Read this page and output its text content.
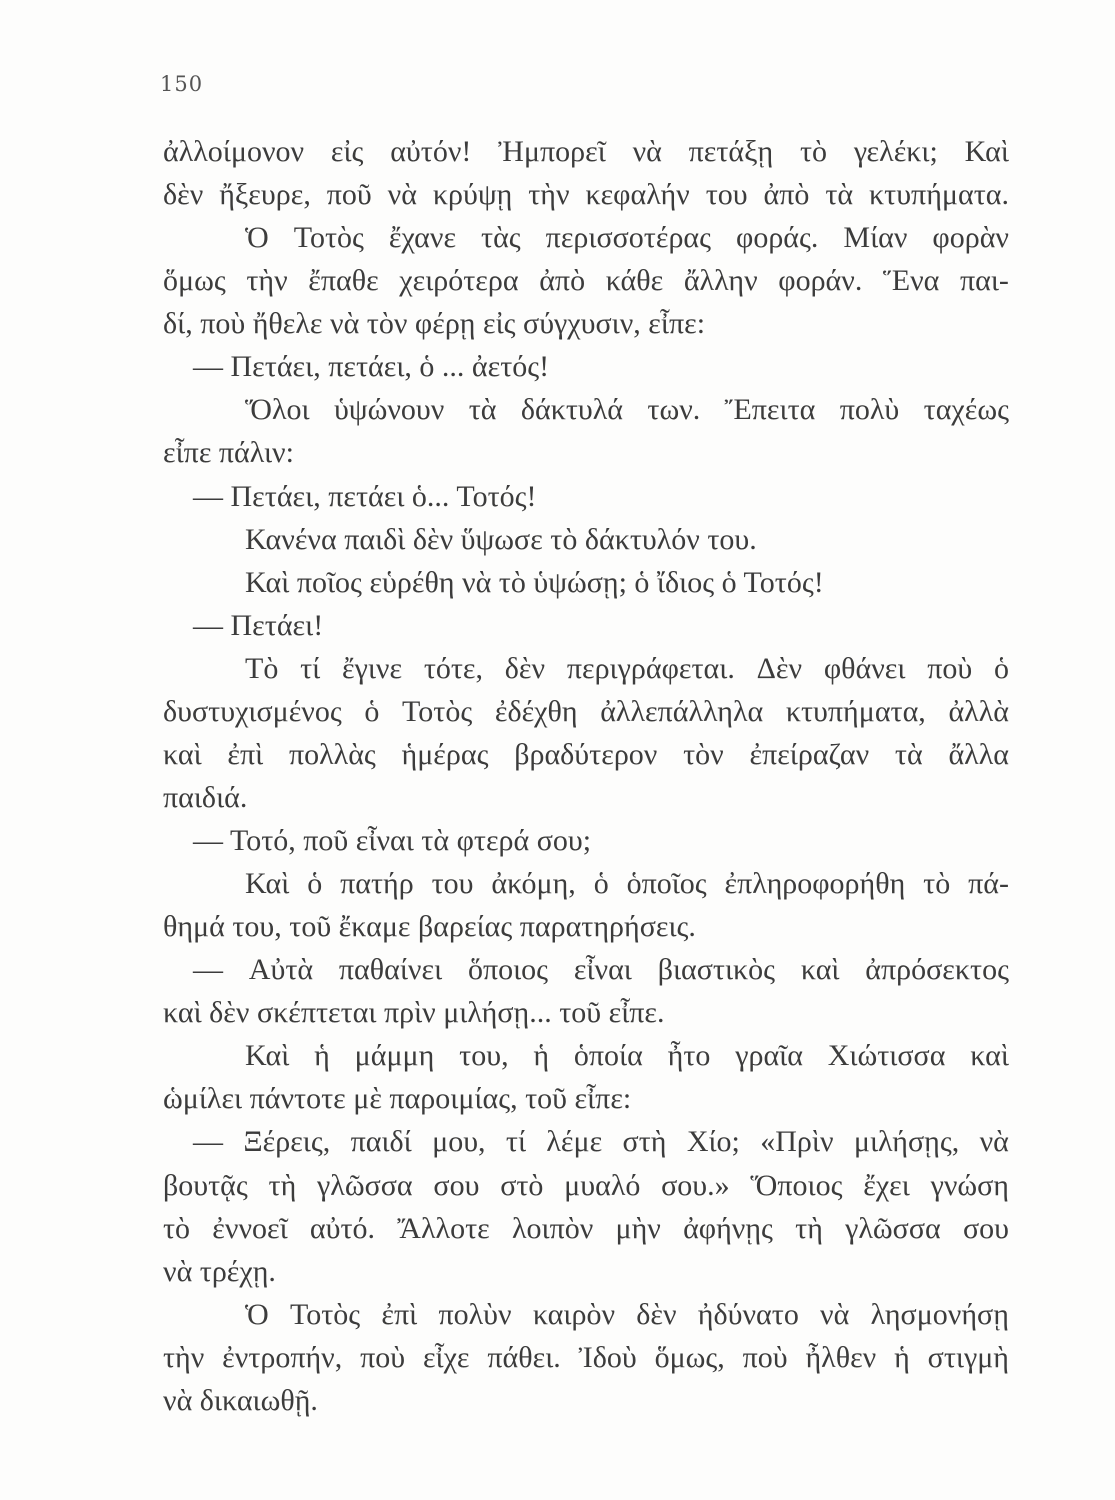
150
ἀλλοίμονον εἰς αὐτόν! Ἠμπορεῖ νὰ πετάξῃ τὸ γελέκι; Καὶ
δὲν ἤξευρε, ποῦ νὰ κρύψῃ τὴν κεφαλήν του ἀπὸ τὰ κτυπήματα.
Ὁ Τοτὸς ἔχανε τὰς περισσοτέρας φοράς. Μίαν φορὰν
ὅμως τὴν ἔπαθε χειρότερα ἀπὸ κάθε ἄλλην φοράν. Ἕνα παι-
δί, ποὺ ἤθελε νὰ τὸν φέρῃ εἰς σύγχυσιν, εἶπε:
— Πετάει, πετάει, ὁ ... ἀετός!
Ὅλοι ὑψώνουν τὰ δάκτυλά των. Ἔπειτα πολὺ ταχέως
εἶπε πάλιν:
— Πετάει, πετάει ὁ... Τοτός!
Κανένα παιδὶ δὲν ὕψωσε τὸ δάκτυλόν του.
Καὶ ποῖος εὑρέθη νὰ τὸ ὑψώσῃ; ὁ ἴδιος ὁ Τοτός!
— Πετάει!
Τὸ τί ἔγινε τότε, δὲν περιγράφεται. Δὲν φθάνει ποὺ ὁ
δυστυχισμένος ὁ Τοτὸς ἐδέχθη ἀλλεπάλληλα κτυπήματα, ἀλλὰ
καὶ ἐπὶ πολλὰς ἡμέρας βραδύτερον τὸν ἐπείραζαν τὰ ἄλλα
παιδιά.
— Τοτό, ποῦ εἶναι τὰ φτερά σου;
Καὶ ὁ πατήρ του ἀκόμη, ὁ ὁποῖος ἐπληροφορήθη τὸ πά-
θημά του, τοῦ ἔκαμε βαρείας παρατηρήσεις.
— Αὐτὰ παθαίνει ὅποιος εἶναι βιαστικὸς καὶ ἀπρόσεκτος
καὶ δὲν σκέπτεται πρὶν μιλήσῃ... τοῦ εἶπε.
Καὶ ἡ μάμμη του, ἡ ὁποία ἦτο γραῖα Χιώτισσα καὶ
ὡμίλει πάντοτε μὲ παροιμίας, τοῦ εἶπε:
— Ξέρεις, παιδί μου, τί λέμε στὴ Χίο; «Πρὶν μιλήσῃς, νὰ
βουτᾷς τὴ γλῶσσα σου στὸ μυαλό σου.» Ὅποιος ἔχει γνώση
τὸ ἐννοεῖ αὐτό. Ἄλλοτε λοιπὸν μὴν ἀφήνῃς τὴ γλῶσσα σου
νὰ τρέχῃ.
Ὁ Τοτὸς ἐπὶ πολὺν καιρὸν δὲν ἠδύνατο νὰ λησμονήσῃ
τὴν ἐντροπήν, ποὺ εἶχε πάθει. Ἰδοὺ ὅμως, ποὺ ἦλθεν ἡ στιγμὴ
νὰ δικαιωθῇ.
